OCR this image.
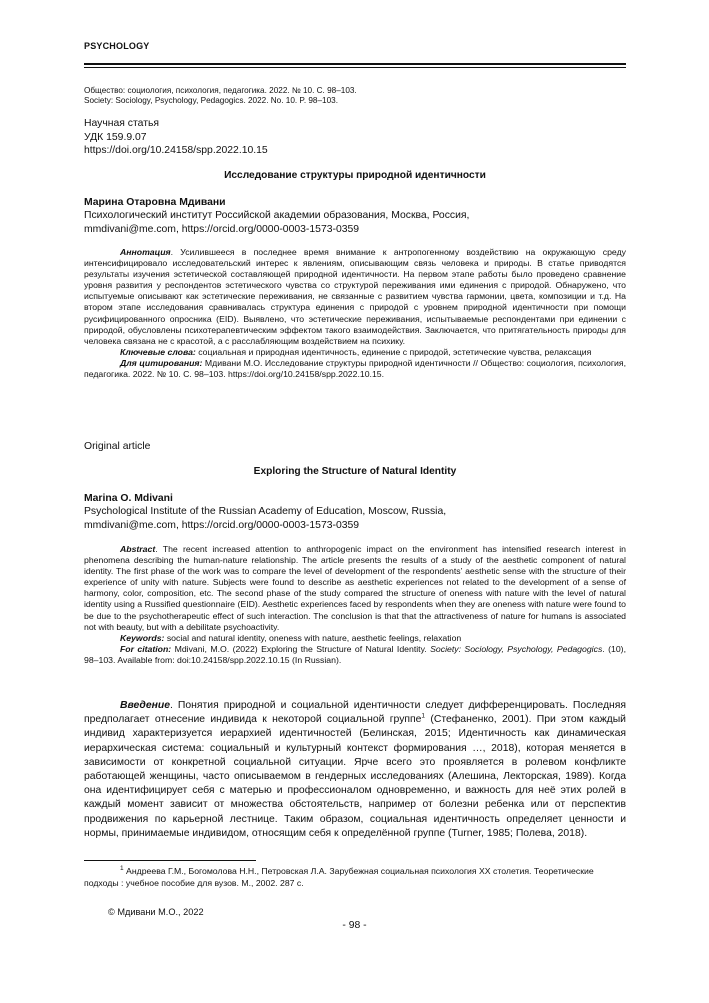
PSYCHOLOGY
Общество: социология, психология, педагогика. 2022. № 10. С. 98–103.
Society: Sociology, Psychology, Pedagogics. 2022. No. 10. P. 98–103.
Научная статья
УДК 159.9.07
https://doi.org/10.24158/spp.2022.10.15
Исследование структуры природной идентичности
Марина Отаровна Мдивани
Психологический институт Российской академии образования, Москва, Россия,
mmdivani@me.com, https://orcid.org/0000-0003-1573-0359

Аннотация. Усилившееся в последнее время внимание к антропогенному воздействию на окружающую среду интенсифицировало исследовательский интерес к явлениям, описывающим связь человека и природы. В статье приводятся результаты изучения эстетической составляющей природной идентичности. На первом этапе работы было проведено сравнение уровня развития у респондентов эстетического чувства со структурой переживания ими единения с природой. Обнаружено, что испытуемые описывают как эстетические переживания, не связанные с развитием чувства гармонии, цвета, композиции и т.д. На втором этапе исследования сравнивалась структура единения с природой с уровнем природной идентичности при помощи русифицированного опросника (EID). Выявлено, что эстетические переживания, испытываемые респондентами при единении с природой, обусловлены психотерапевтическим эффектом такого взаимодействия. Заключается, что притягательность природы для человека связана не с красотой, а с расслабляющим воздействием на психику.

Ключевые слова: социальная и природная идентичность, единение с природой, эстетические чувства, релаксация

Для цитирования: Мдивани М.О. Исследование структуры природной идентичности // Общество: социология, психология, педагогика. 2022. № 10. С. 98–103. https://doi.org/10.24158/spp.2022.10.15.

Original article
Exploring the Structure of Natural Identity
Marina O. Mdivani
Psychological Institute of the Russian Academy of Education, Moscow, Russia,
mmdivani@me.com, https://orcid.org/0000-0003-1573-0359

Abstract. The recent increased attention to anthropogenic impact on the environment has intensified research interest in phenomena describing the human-nature relationship. The article presents the results of a study of the aesthetic component of natural identity. The first phase of the work was to compare the level of development of the respondents’ aesthetic sense with the structure of their experience of unity with nature. Subjects were found to describe as aesthetic experiences not related to the development of a sense of harmony, color, composition, etc. The second phase of the study compared the structure of oneness with nature with the level of natural identity using a Russified questionnaire (EID). Aesthetic experiences faced by respondents when they are oneness with nature were found to be due to the psychotherapeutic effect of such interaction. The conclusion is that that the attractiveness of nature for humans is associated not with beauty, but with a debilitate psychoactivity.

Keywords: social and natural identity, oneness with nature, aesthetic feelings, relaxation

For citation: Mdivani, M.O. (2022) Exploring the Structure of Natural Identity. Society: Sociology, Psychology, Pedagogics. (10), 98–103. Available from: doi:10.24158/spp.2022.10.15 (In Russian).

Введение. Понятия природной и социальной идентичности следует дифференцировать. Последняя предполагает отнесение индивида к некоторой социальной группе$^1$ (Стефаненко, 2001). При этом каждый индивид характеризуется иерархией идентичностей (Белинская, 2015; Идентичность как динамическая иерархическая система: социальный и культурный контекст формирования …, 2018), которая меняется в зависимости от конкретной социальной ситуации. Ярче всего это проявляется в ролевом конфликте работающей женщины, часто описываемом в гендерных исследованиях (Алешина, Лекторская, 1989). Когда она идентифицирует себя с матерью и профессионалом одновременно, и важность для неё этих ролей в каждый момент зависит от множества обстоятельств, например от болезни ребенка или от перспектив продвижения по карьерной лестнице. Таким образом, социальная идентичность определяет ценности и нормы, принимаемые индивидом, относящим себя к определённой группе (Turner, 1985; Полева, 2018).
$^1$ Андреева Г.М., Богомолова Н.Н., Петровская Л.А. Зарубежная социальная психология XX столетия. Теоретические подходы : учебное пособие для вузов. М., 2002. 287 с.
© Мдивани М.О., 2022
- 98 -
